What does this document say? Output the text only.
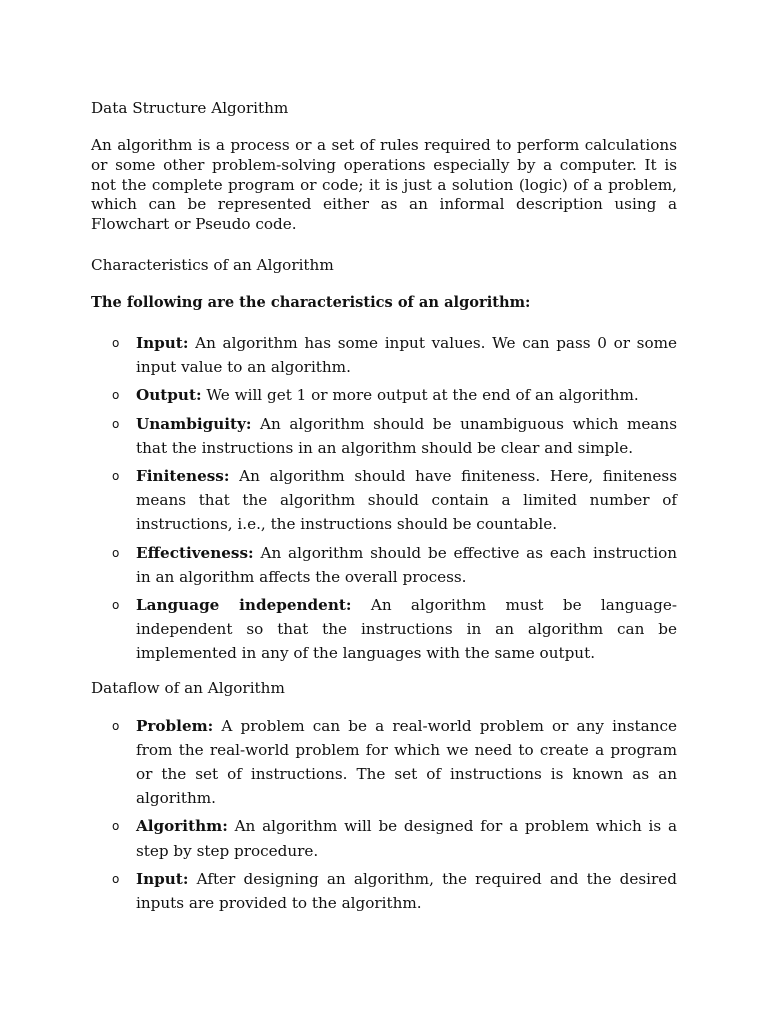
Data Structure Algorithm

An algorithm is a process or a set of rules required to perform calculations or some other problem-solving operations especially by a computer. It is not the complete program or code; it is just a solution (logic) of a problem, which can be represented either as an informal description using a Flowchart or Pseudo code.

Characteristics of an Algorithm

The following are the characteristics of an algorithm:

o Input: An algorithm has some input values. We can pass 0 or some input value to an algorithm.
o Output: We will get 1 or more output at the end of an algorithm.
o Unambiguity: An algorithm should be unambiguous which means that the instructions in an algorithm should be clear and simple.
o Finiteness: An algorithm should have finiteness. Here, finiteness means that the algorithm should contain a limited number of instructions, i.e., the instructions should be countable.
o Effectiveness: An algorithm should be effective as each instruction in an algorithm affects the overall process.
o Language independent: An algorithm must be language-independent so that the instructions in an algorithm can be implemented in any of the languages with the same output.

Dataflow of an Algorithm

o Problem: A problem can be a real-world problem or any instance from the real-world problem for which we need to create a program or the set of instructions. The set of instructions is known as an algorithm.
o Algorithm: An algorithm will be designed for a problem which is a step by step procedure.
o Input: After designing an algorithm, the required and the desired inputs are provided to the algorithm.
